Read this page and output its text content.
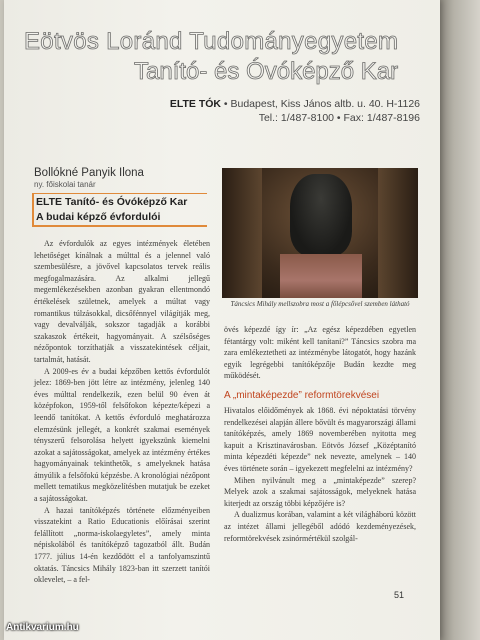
Eötvös Loránd Tudományegyetem
Tanító- és Óvóképző Kar
ELTE TÓK • Budapest, Kiss János altb. u. 40. H-1126
Tel.: 1/487-8100 • Fax: 1/487-8196
Bollókné Panyik Ilona
ny. főiskolai tanár
ELTE Tanító- és Óvóképző Kar
A budai képző évfordulói

Az évfordulók az egyes intézmények életében lehetőséget kínálnak a múlttal és a jelennel való szembesülésre, a jövővel kapcsolatos tervek reális megfogalmazására. Az alkalmi jellegű megemlékezésekben azonban gyakran ellentmondó értékelések születnek, amelyek a múltat vagy romantikus túlzásokkal, dicsőfénnyel világítják meg, vagy devalválják, sokszor tagadják a korábbi szakaszok értékeit, hagyományait. A szélsőséges nézőpontok torzíthatják a visszatekintések céljait, tartalmát, hatását.

A 2009-es év a budai képzőben kettős évfordulót jelez: 1869-ben jött létre az intézmény, jelenleg 140 éves múlttal rendelkezik, ezen belül 90 éven át középfokon, 1959-től felsőfokon képezte/képezi a leendő tanítókat. A kettős évforduló meghatározza elemzésünk jellegét, a konkrét szakmai események tényszerű felsorolása helyett igyekszünk kiemelni azokat a sajátosságokat, amelyek az intézmény értékes hagyományainak tekinthetők, s amelyeknek hatása átnyúlik a felsőfokú képzésbe. A kronológiai nézőpont mellett tematikus megközelítésben mutatjuk be ezeket a sajátosságokat.

A hazai tanítóképzés története előzményeiben visszatekint a Ratio Educationis előírásai szerint felállított „norma-iskolaegyletes”, amely minta népiskolából és tanítóképző tagozatból állt. Budán 1777. július 14-én kezdődött el a tanfolyamszintű oktatás. Táncsics Mihály 1823-ban itt szerzett tanítói oklevelet, – a fel-

Táncsics Mihály mellszobra most a főlépcsővel szemben látható

övés képezdé így ír: „Az egész képezdében egyetlen fétantárgy volt: miként kell tanítani?” Táncsics szobra ma zara emlékeztetheti az intézménybe látogatót, hogy hazánk egyik legrégebbi tanítóképzője Budán kezdte meg működését.

A „mintaképezde” reformtörekvései

Hivatalos előidőmények ak 1868. évi népoktatási törvény rendelkezései alapján állere bővült és magyarországi állami tanítóképzés, amely 1869 novemberében nyitotta meg kapuit a Krisztinavárosban. Eötvös József „Középtanító minta képezdéti képezde” nek nevezte, amelynek – 140 éves története során – igyekezett megfelelni az intézmény?

Mihen nyilvánult meg a „mintaképezde” szerep? Melyek azok a szakmai sajátosságok, melyeknek hatása kiterjedt az ország többi képzőjére is?

A dualizmus korában, valamint a két világháború között az intézet állami jellegéből adódó kezdeményezések, reformtörekvések zsinórmértékül szolgál-

51
Antikvarium.hu
